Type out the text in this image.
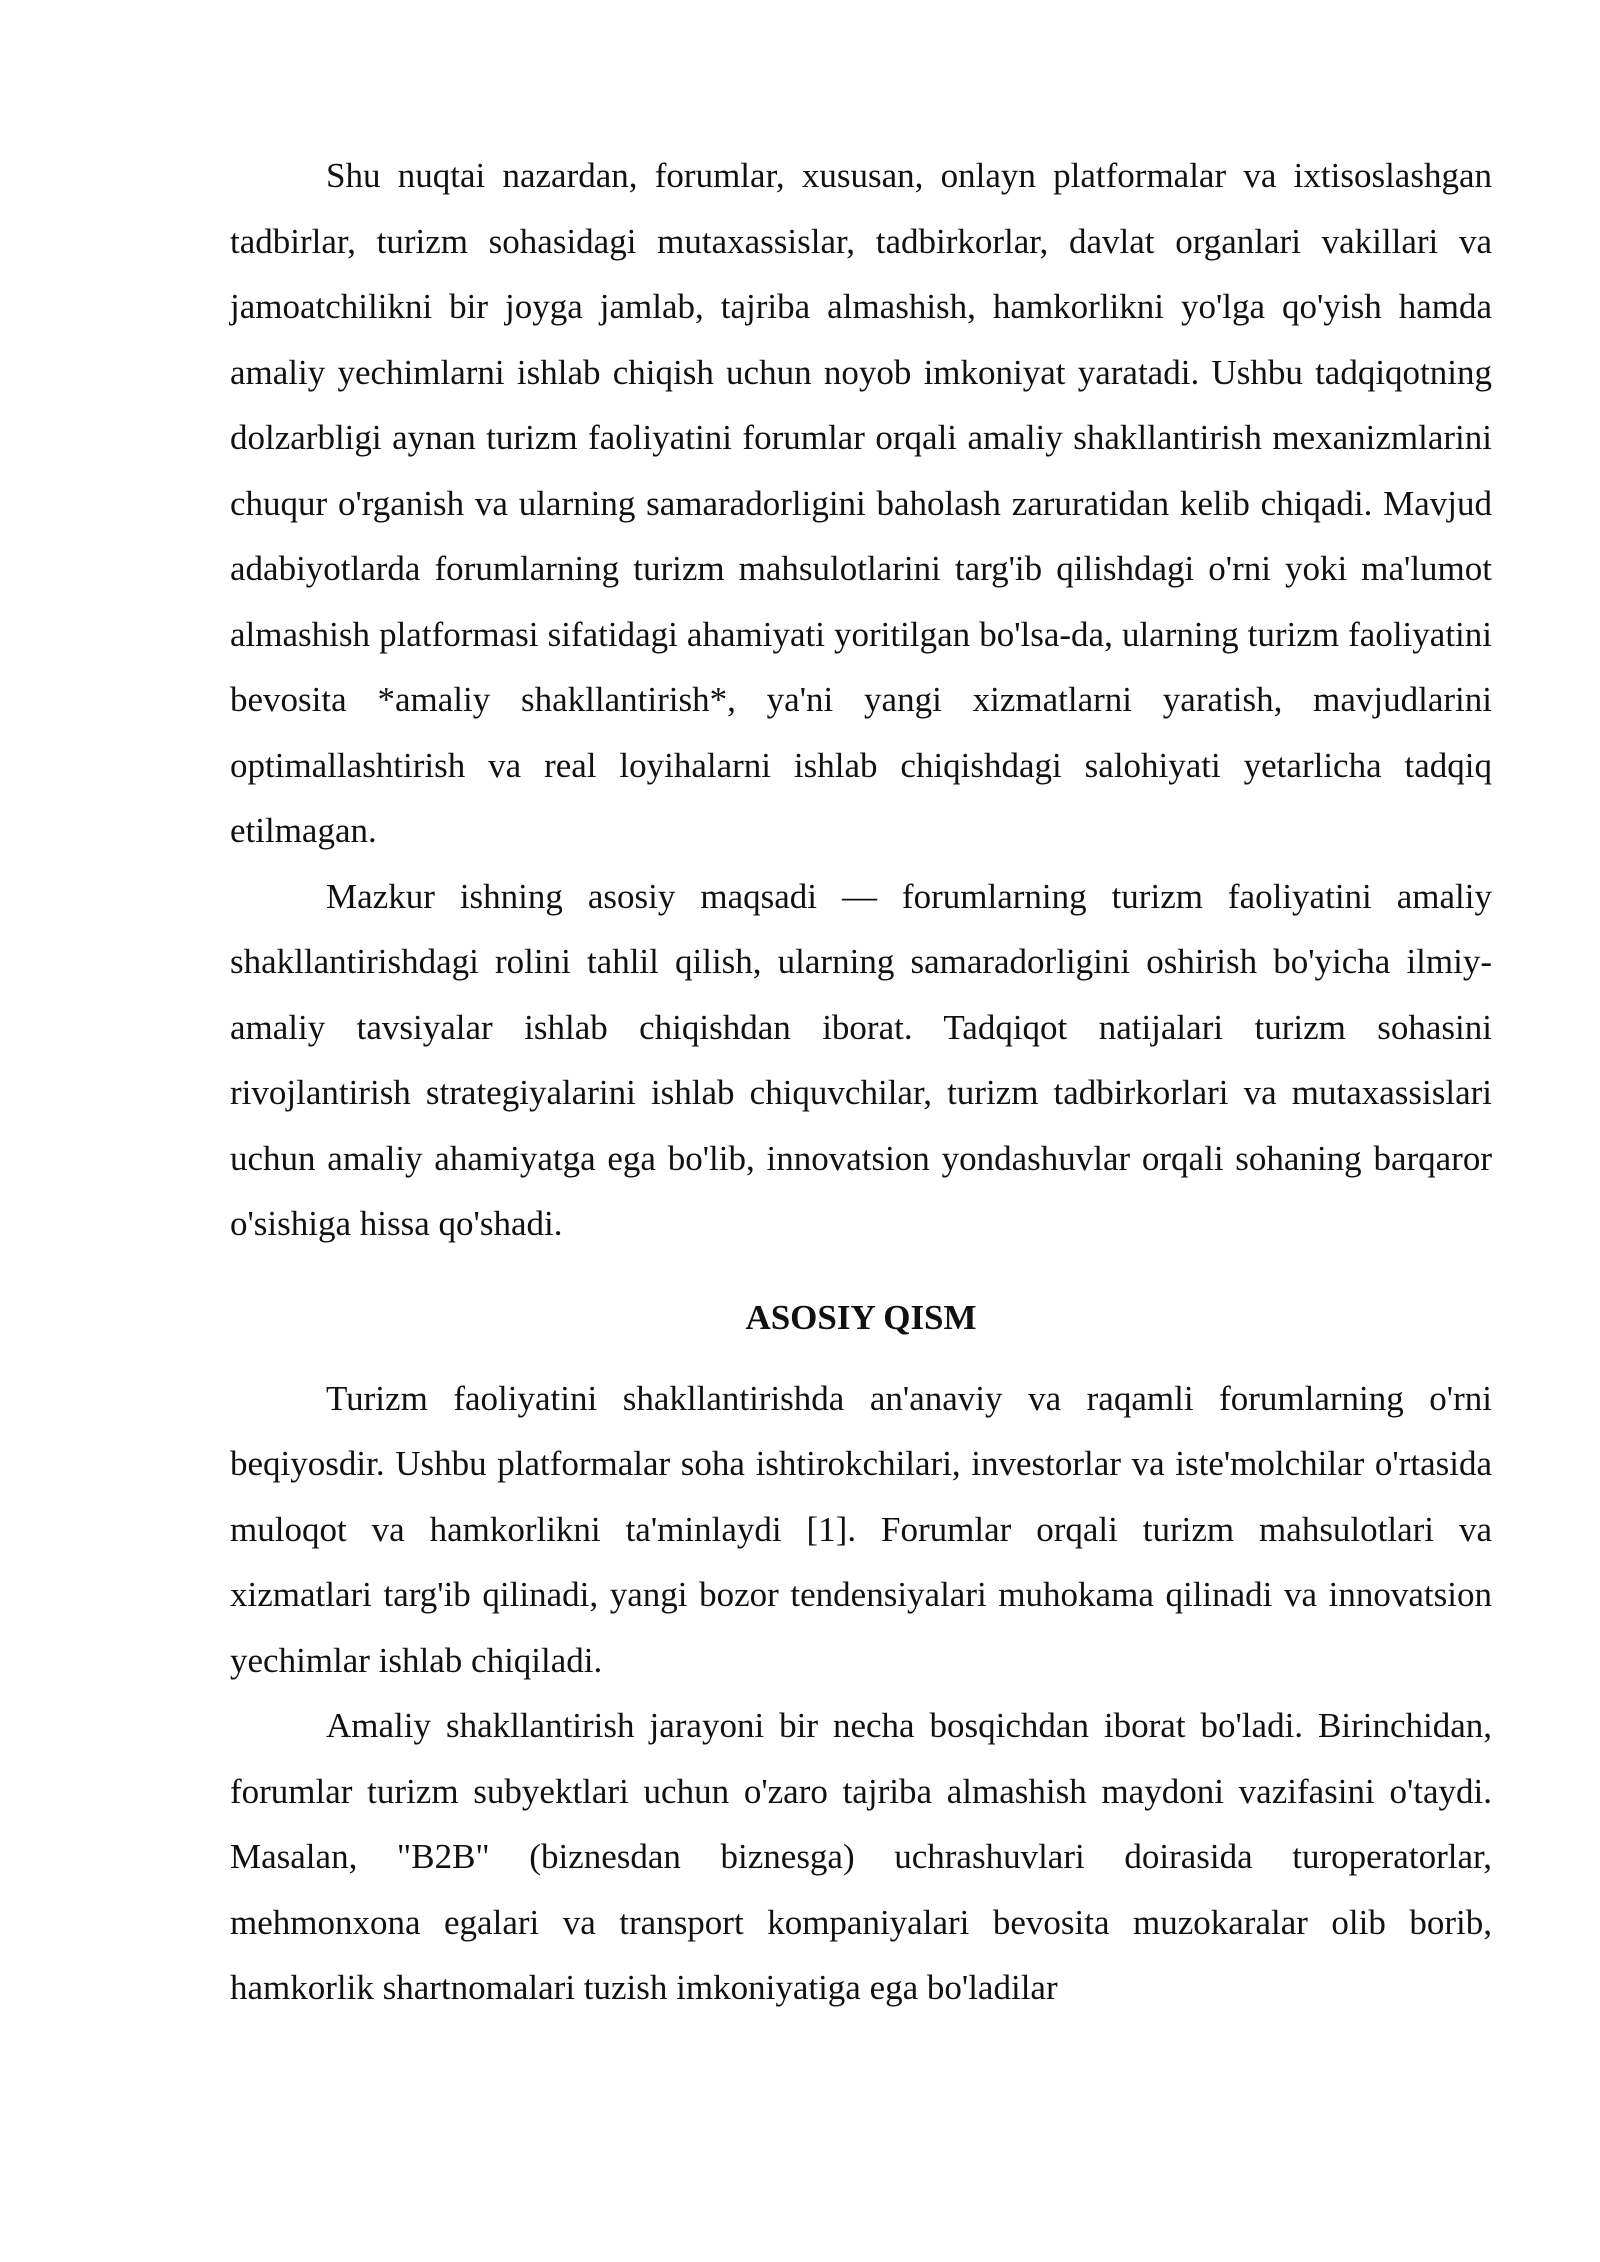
Shu nuqtai nazardan, forumlar, xususan, onlayn platformalar va ixtisoslashgan tadbirlar, turizm sohasidagi mutaxassislar, tadbirkorlar, davlat organlari vakillari va jamoatchilikni bir joyga jamlab, tajriba almashish, hamkorlikni yo'lga qo'yish hamda amaliy yechimlarni ishlab chiqish uchun noyob imkoniyat yaratadi. Ushbu tadqiqotning dolzarbligi aynan turizm faoliyatini forumlar orqali amaliy shakllantirish mexanizmlarini chuqur o'rganish va ularning samaradorligini baholash zaruratidan kelib chiqadi. Mavjud adabiyotlarda forumlarning turizm mahsulotlarini targ'ib qilishdagi o'rni yoki ma'lumot almashish platformasi sifatidagi ahamiyati yoritilgan bo'lsa-da, ularning turizm faoliyatini bevosita *amaliy shakllantirish*, ya'ni yangi xizmatlarni yaratish, mavjudlarini optimallashtirish va real loyihalarni ishlab chiqishdagi salohiyati yetarlicha tadqiq etilmagan.

Mazkur ishning asosiy maqsadi — forumlarning turizm faoliyatini amaliy shakllantirishdagi rolini tahlil qilish, ularning samaradorligini oshirish bo'yicha ilmiy-amaliy tavsiyalar ishlab chiqishdan iborat. Tadqiqot natijalari turizm sohasini rivojlantirish strategiyalarini ishlab chiquvchilar, turizm tadbirkorlari va mutaxassislari uchun amaliy ahamiyatga ega bo'lib, innovatsion yondashuvlar orqali sohaning barqaror o'sishiga hissa qo'shadi.

ASOSIY QISM

Turizm faoliyatini shakllantirishda an'anaviy va raqamli forumlarning o'rni beqiyosdir. Ushbu platformalar soha ishtirokchilari, investorlar va iste'molchilar o'rtasida muloqot va hamkorlikni ta'minlaydi [1]. Forumlar orqali turizm mahsulotlari va xizmatlari targ'ib qilinadi, yangi bozor tendensiyalari muhokama qilinadi va innovatsion yechimlar ishlab chiqiladi.

Amaliy shakllantirish jarayoni bir necha bosqichdan iborat bo'ladi. Birinchidan, forumlar turizm subyektlari uchun o'zaro tajriba almashish maydoni vazifasini o'taydi. Masalan, "B2B" (biznesdan biznesga) uchrashuvlari doirasida turoperatorlar, mehmonxona egalari va transport kompaniyalari bevosita muzokaralar olib borib, hamkorlik shartnomalari tuzish imkoniyatiga ega bo'ladilar
